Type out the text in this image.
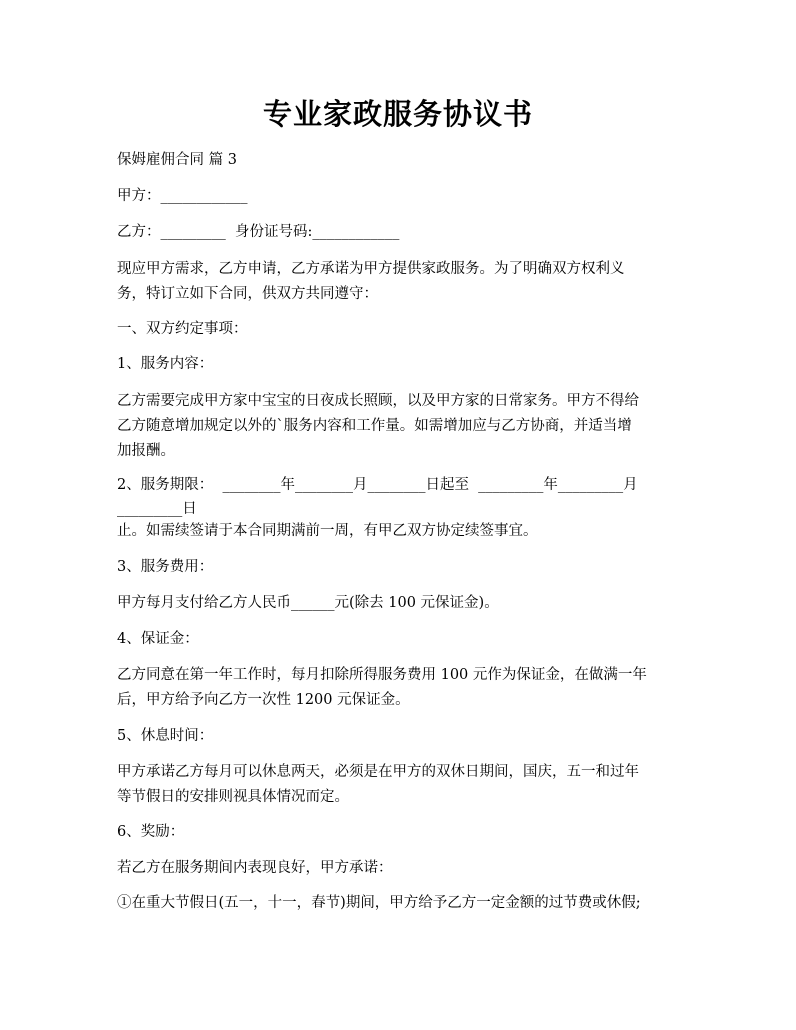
专业家政服务协议书
保姆雇佣合同 篇 3
甲方：____________
乙方：_________  身份证号码:____________
现应甲方需求，乙方申请，乙方承诺为甲方提供家政服务。为了明确双方权利义
务，特订立如下合同，供双方共同遵守：
一、双方约定事项：
1、服务内容：
乙方需要完成甲方家中宝宝的日夜成长照顾，以及甲方家的日常家务。甲方不得给
乙方随意增加规定以外的`服务内容和工作量。如需增加应与乙方协商，并适当增
加报酬。
2、服务期限：  ________年________月________日起至  _________年_________月
_________日
止。如需续签请于本合同期满前一周，有甲乙双方协定续签事宜。
3、服务费用：
甲方每月支付给乙方人民币______元(除去 100 元保证金)。
4、保证金：
乙方同意在第一年工作时，每月扣除所得服务费用 100 元作为保证金，在做满一年
后，甲方给予向乙方一次性 1200 元保证金。
5、休息时间：
甲方承诺乙方每月可以休息两天，必须是在甲方的双休日期间，国庆，五一和过年
等节假日的安排则视具体情况而定。
6、奖励：
若乙方在服务期间内表现良好，甲方承诺：
①在重大节假日(五一，十一，春节)期间，甲方给予乙方一定金额的过节费或休假;
